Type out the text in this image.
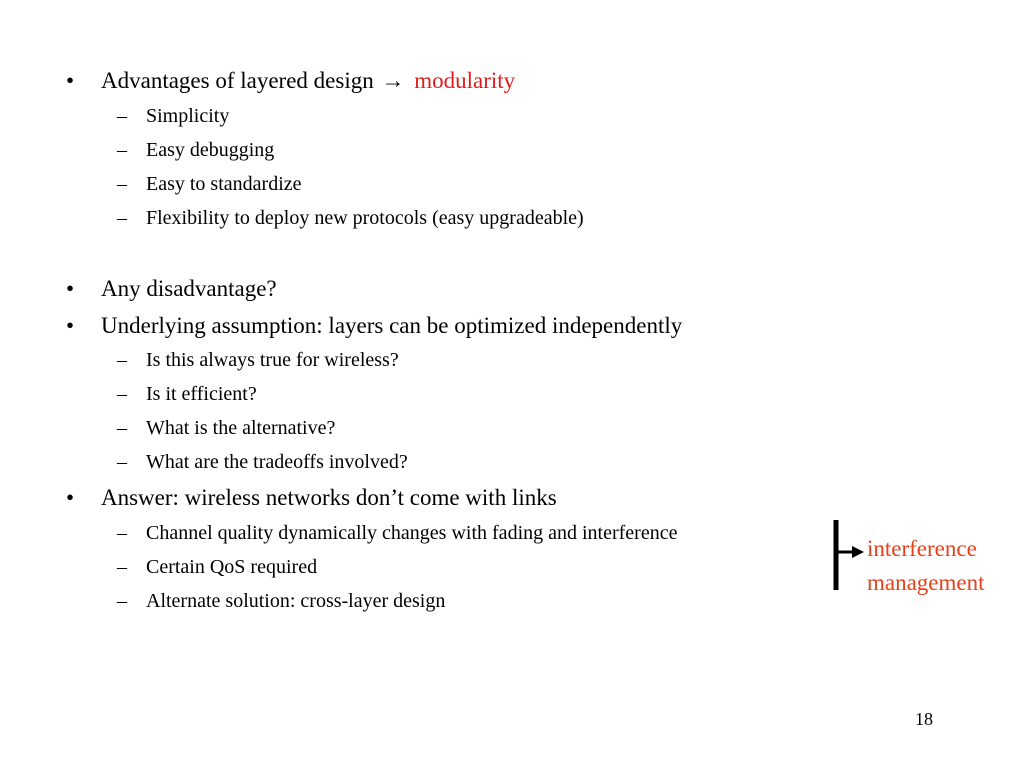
• Advantages of layered design → modularity
– Simplicity
– Easy debugging
– Easy to standardize
– Flexibility to deploy new protocols (easy upgradeable)
• Any disadvantage?
• Underlying assumption: layers can be optimized independently
– Is this always true for wireless?
– Is it efficient?
– What is the alternative?
– What are the tradeoffs involved?
• Answer: wireless networks don’t come with links
– Channel quality dynamically changes with fading and interference
– Certain QoS required
– Alternate solution: cross-layer design
interference
management
18
